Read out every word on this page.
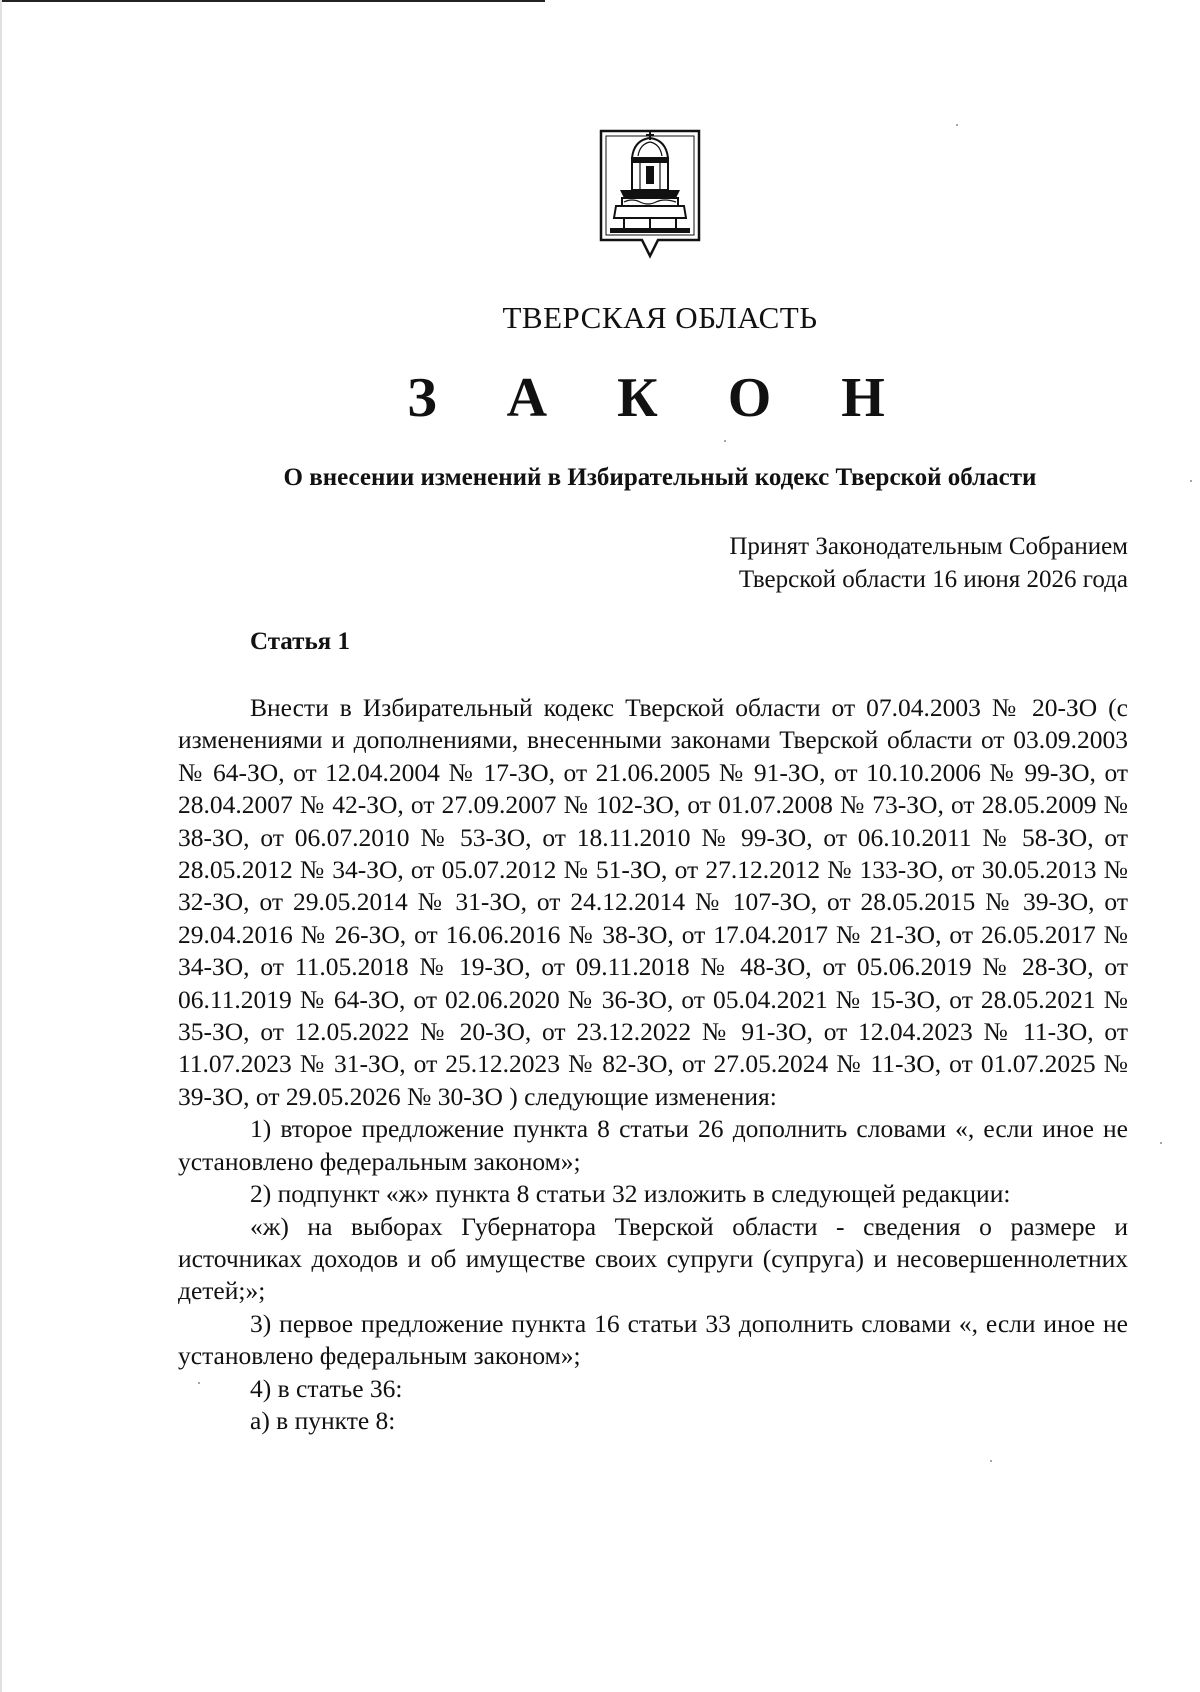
ТВЕРСКАЯ ОБЛАСТЬ
З А К О Н
О внесении изменений в Избирательный кодекс Тверской области
Принят Законодательным Собранием
Тверской области 16 июня 2026 года
Статья 1

Внести в Избирательный кодекс Тверской области от 07.04.2003 № 20-ЗО (с изменениями и дополнениями, внесенными законами Тверской области от 03.09.2003 № 64-ЗО, от 12.04.2004 № 17-ЗО, от 21.06.2005 № 91-ЗО, от 10.10.2006 № 99-ЗО, от 28.04.2007 № 42-ЗО, от 27.09.2007 № 102-ЗО, от 01.07.2008 № 73-ЗО, от 28.05.2009 № 38-ЗО, от 06.07.2010 № 53-ЗО, от 18.11.2010 № 99-ЗО, от 06.10.2011 № 58-ЗО, от 28.05.2012 № 34-ЗО, от 05.07.2012 № 51-ЗО, от 27.12.2012 № 133-ЗО, от 30.05.2013 № 32-ЗО, от 29.05.2014 № 31-ЗО, от 24.12.2014 № 107-ЗО, от 28.05.2015 № 39-ЗО, от 29.04.2016 № 26-ЗО, от 16.06.2016 № 38-ЗО, от 17.04.2017 № 21-ЗО, от 26.05.2017 № 34-ЗО, от 11.05.2018 № 19-ЗО, от 09.11.2018 № 48-ЗО, от 05.06.2019 № 28-ЗО, от 06.11.2019 № 64-ЗО, от 02.06.2020 № 36-ЗО, от 05.04.2021 № 15-ЗО, от 28.05.2021 № 35-ЗО, от 12.05.2022 № 20-ЗО, от 23.12.2022 № 91-ЗО, от 12.04.2023 № 11-ЗО, от 11.07.2023 № 31-ЗО, от 25.12.2023 № 82-ЗО, от 27.05.2024 № 11-ЗО, от 01.07.2025 № 39-ЗО, от 29.05.2026 № 30-ЗО ) следующие изменения:

1) второе предложение пункта 8 статьи 26 дополнить словами «, если иное не установлено федеральным законом»;

2) подпункт «ж» пункта 8 статьи 32 изложить в следующей редакции:

«ж) на выборах Губернатора Тверской области - сведения о размере и источниках доходов и об имуществе своих супруги (супруга) и несовершеннолетних детей;»;

3) первое предложение пункта 16 статьи 33 дополнить словами «, если иное не установлено федеральным законом»;

4) в статье 36:

а) в пункте 8:
